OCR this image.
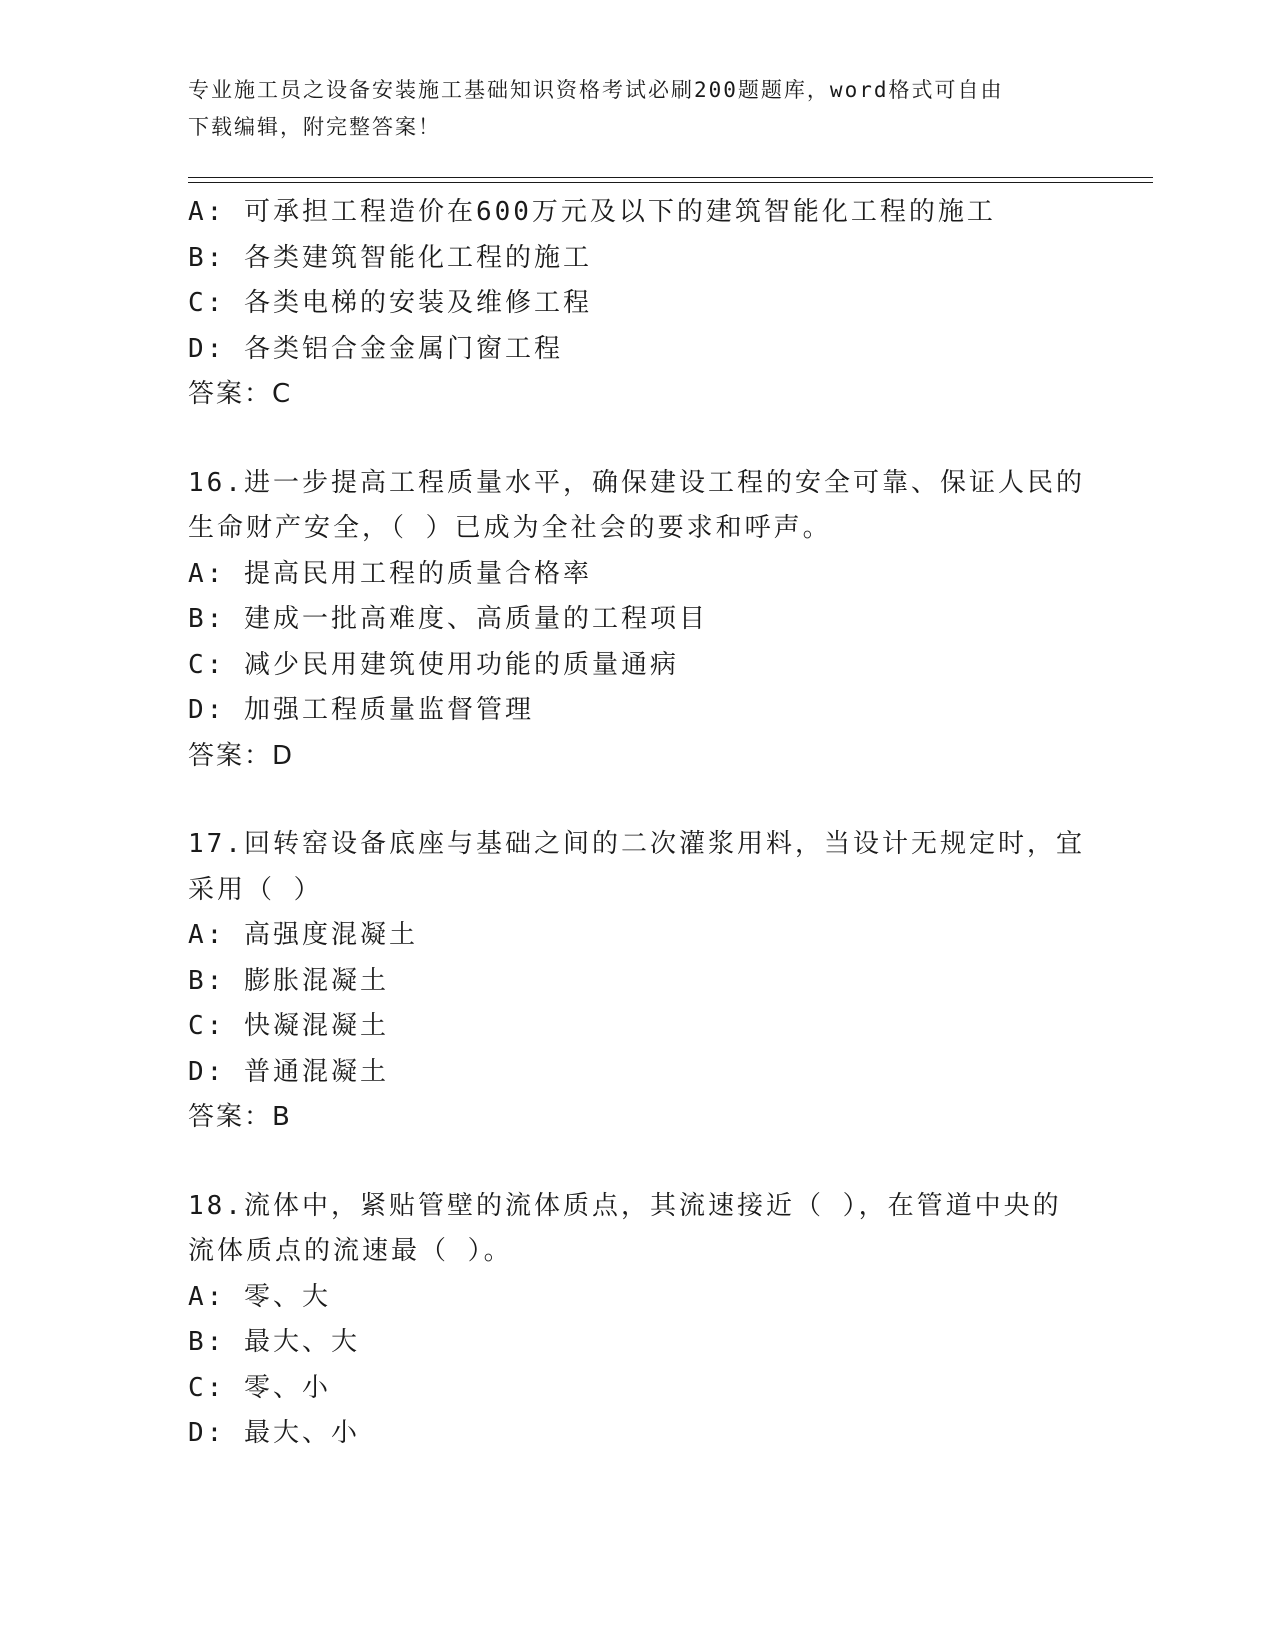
专业施工员之设备安装施工基础知识资格考试必刷200题题库，word格式可自由
下载编辑，附完整答案！
A: 可承担工程造价在600万元及以下的建筑智能化工程的施工
B: 各类建筑智能化工程的施工
C: 各类电梯的安装及维修工程
D: 各类铝合金金属门窗工程
答案：C
16.进一步提高工程质量水平，确保建设工程的安全可靠、保证人民的
生命财产安全，（ ）已成为全社会的要求和呼声。
A: 提高民用工程的质量合格率
B: 建成一批高难度、高质量的工程项目
C: 减少民用建筑使用功能的质量通病
D: 加强工程质量监督管理
答案：D
17.回转窑设备底座与基础之间的二次灌浆用料，当设计无规定时，宜
采用（ ）
A: 高强度混凝土
B: 膨胀混凝土
C: 快凝混凝土
D: 普通混凝土
答案：B
18.流体中，紧贴管壁的流体质点，其流速接近（ ），在管道中央的
流体质点的流速最（ ）。
A: 零、大
B: 最大、大
C: 零、小
D: 最大、小
